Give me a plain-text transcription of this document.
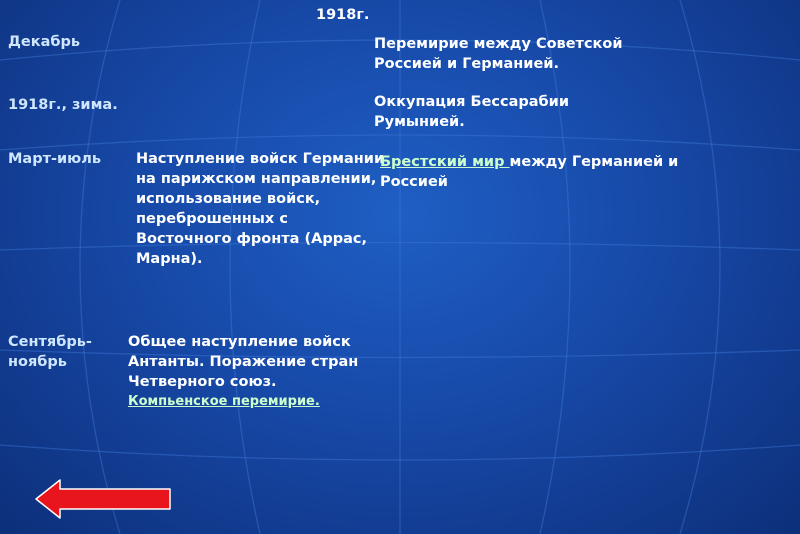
1918г.

Декабрь	Перемирие между Советской Россией и Германией.

1918г., зима.	Оккупация Бессарабии Румынией.

Март-июль Наступление войск Германии на парижском направлении, использование войск, переброшенных с Восточного фронта (Аррас, Марна).

Брестский мир между Германией и Россией

Сентябрь-ноябрь

Общее наступление войск Антанты. Поражение стран Четверного союз.

Компьенское перемирие.
